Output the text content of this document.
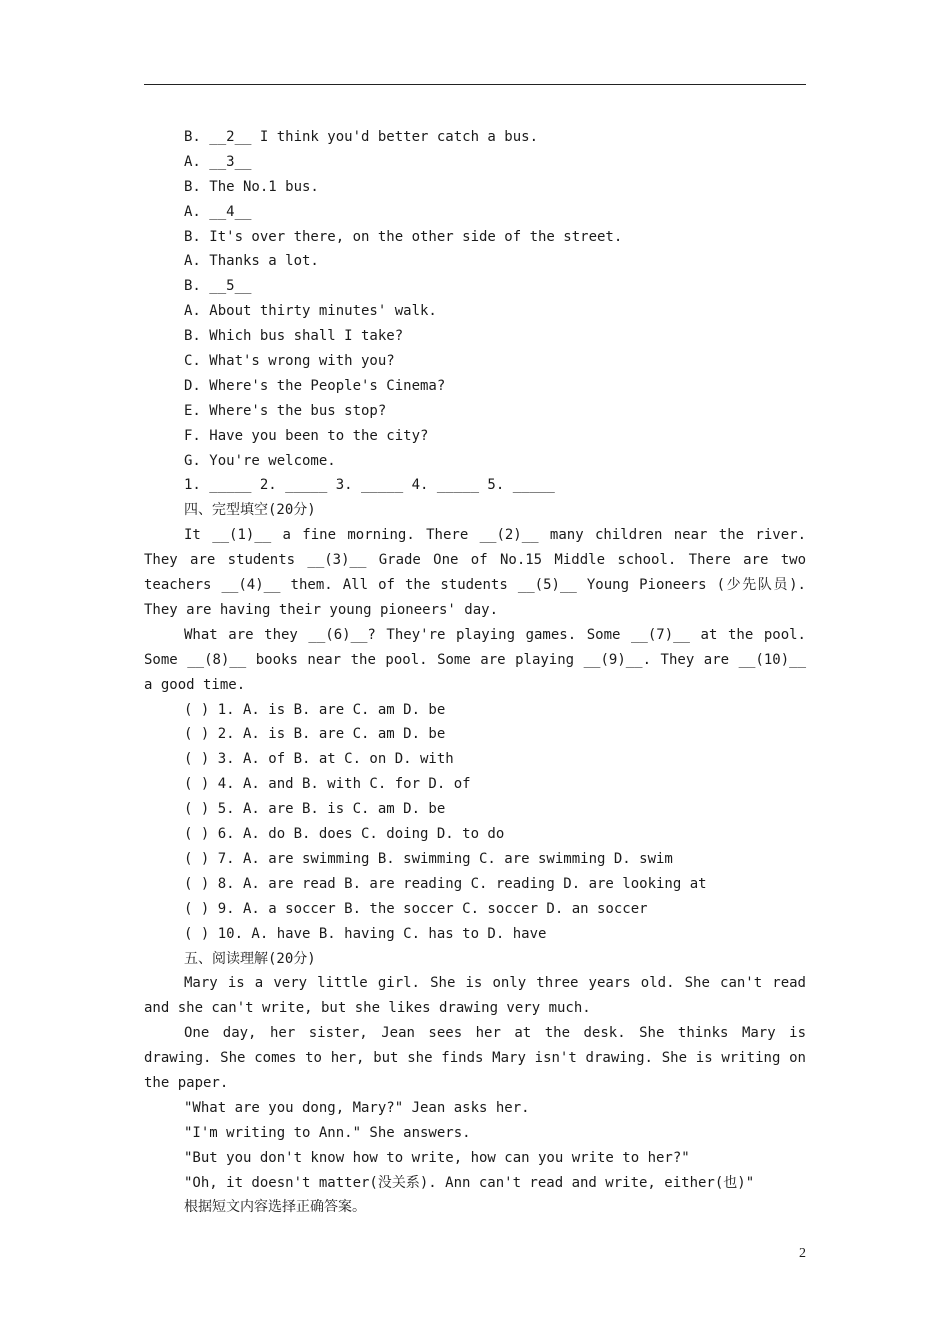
B. __2__ I think you'd better catch a bus.
A. __3__
B. The No.1 bus.
A. __4__
B. It's over there, on the other side of the street.
A. Thanks a lot.
B. __5__
A. About thirty minutes' walk.
B. Which bus shall I take?
C. What's wrong with you?
D. Where's the People's Cinema?
E. Where's the bus stop?
F. Have you been to the city?
G. You're welcome.
1. _____ 2. _____ 3. _____ 4. _____ 5. _____
四、完型填空(20分)
It __(1)__ a fine morning. There __(2)__ many children near the river. They are students __(3)__ Grade One of No.15 Middle school. There are two teachers __(4)__ them. All of the students __(5)__ Young Pioneers (少先队员). They are having their young pioneers' day.
What are they __(6)__? They're playing games. Some __(7)__ at the pool. Some __(8)__ books near the pool. Some are playing __(9)__. They are __(10)__ a good time.
( ) 1. A. is B. are C. am D. be
( ) 2. A. is B. are C. am D. be
( ) 3. A. of B. at C. on D. with
( ) 4. A. and B. with C. for D. of
( ) 5. A. are B. is C. am D. be
( ) 6. A. do B. does C. doing D. to do
( ) 7. A. are swimming B. swimming C. are swimming D. swim
( ) 8. A. are read B. are reading C. reading D. are looking at
( ) 9. A. a soccer B. the soccer C. soccer D. an soccer
( ) 10. A. have B. having C. has to D. have
五、阅读理解(20分)
Mary is a very little girl. She is only three years old. She can't read and she can't write, but she likes drawing very much.
One day, her sister, Jean sees her at the desk. She thinks Mary is drawing. She comes to her, but she finds Mary isn't drawing. She is writing on the paper.
"What are you dong, Mary?" Jean asks her.
"I'm writing to Ann." She answers.
"But you don't know how to write, how can you write to her?"
"Oh, it doesn't matter(没关系). Ann can't read and write, either(也)"
根据短文内容选择正确答案。
2
